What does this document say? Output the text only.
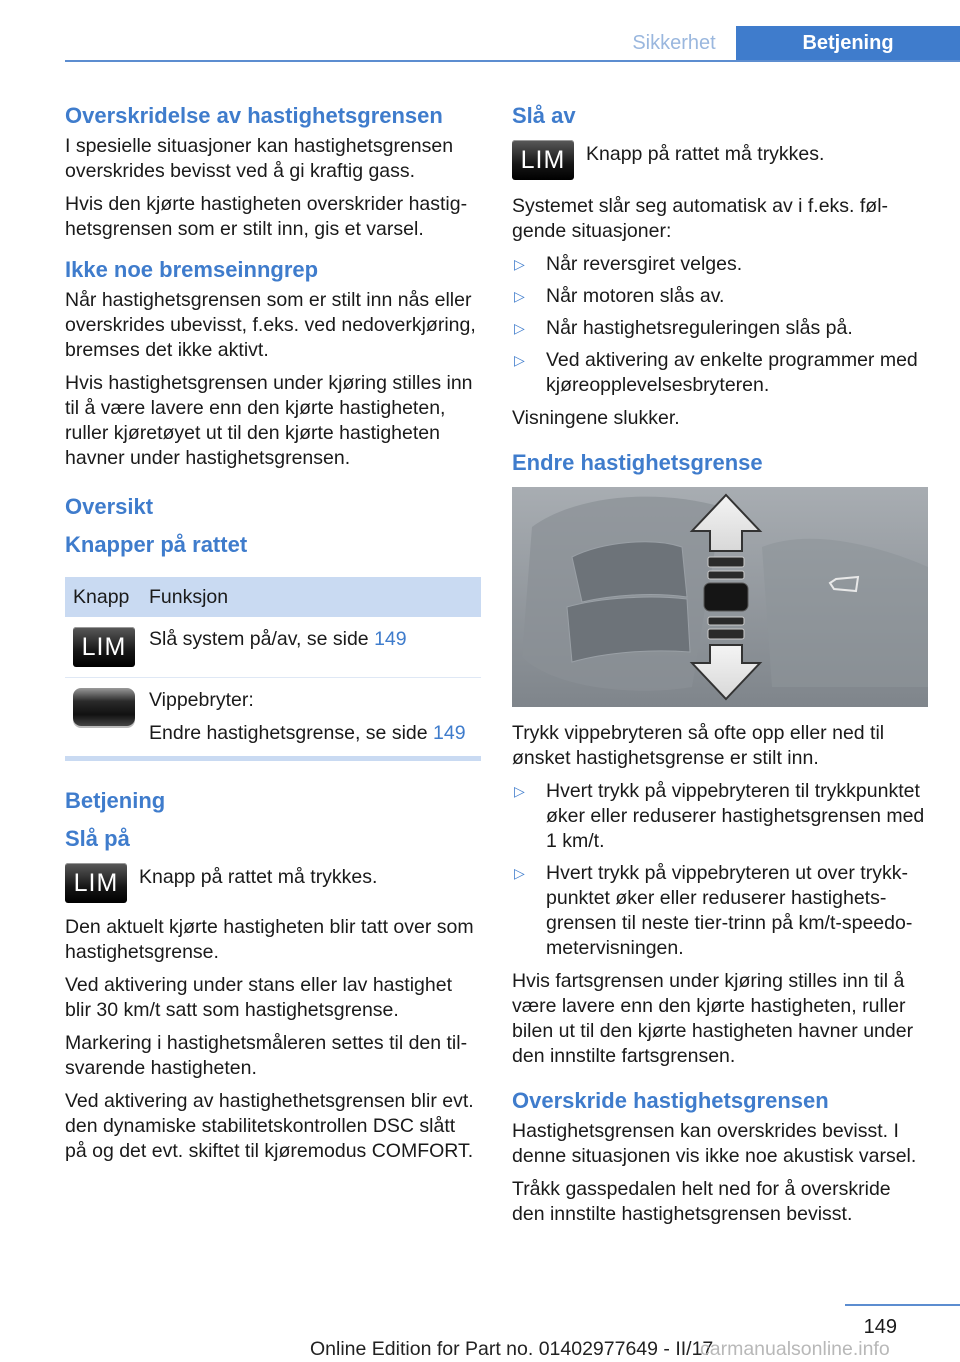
Sikkerhet	Betjening
Overskridelse av hastighetsgrensen

I spesielle situasjoner kan hastighetsgrensen overskrides bevisst ved å gi kraftig gass.

Hvis den kjørte hastigheten overskrider hastighetsgrensen som er stilt inn, gis et varsel.

Ikke noe bremseinngrep

Når hastighetsgrensen som er stilt inn nås eller overskrides ubevisst, f.eks. ved nedoverkjøring, bremses det ikke aktivt.

Hvis hastighetsgrensen under kjøring stilles inn til å være lavere enn den kjørte hastigheten, ruller kjøretøyet ut til den kjørte hastigheten havner under hastighetsgrensen.

Oversikt
Knapper på rattet
Knapp	Funksjon
LIM	Slå system på/av, se side 149

	Vippebryter:
Endre hastighetsgrense, se side 149
Betjening
Slå på
LIM	Knapp på rattet må trykkes.

Den aktuelt kjørte hastigheten blir tatt over som hastighetsgrense.

Ved aktivering under stans eller lav hastighet blir 30 km/t satt som hastighetsgrense.

Markering i hastighetsmåleren settes til den tilsvarende hastigheten.

Ved aktivering av hastighethetsgrensen blir evt. den dynamiske stabilitetskontrollen DSC slått på og det evt. skiftet til kjøremodus COMFORT.

Slå av
LIM	Knapp på rattet må trykkes.

Systemet slår seg automatisk av i f.eks. følgende situasjoner:

▷ Når reversgiret velges.
▷ Når motoren slås av.
▷ Når hastighetsreguleringen slås på.
▷ Ved aktivering av enkelte programmer med kjøreopplevelsesbryteren.

Visningene slukker.

Endre hastighetsgrense

Trykk vippebryteren så ofte opp eller ned til ønsket hastighetsgrense er stilt inn.

▷ Hvert trykk på vippebryteren til trykkpunktet øker eller reduserer hastighetsgrensen med 1 km/t.
▷ Hvert trykk på vippebryteren ut over trykkpunktet øker eller reduserer hastighetsgrensen til neste tier-trinn på km/t-speedometervisningen.

Hvis fartsgrensen under kjøring stilles inn til å være lavere enn den kjørte hastigheten, ruller bilen ut til den kjørte hastigheten havner under den innstilte fartsgrensen.

Overskride hastighetsgrensen

Hastighetsgrensen kan overskrides bevisst. I denne situasjonen vis ikke noe akustisk varsel.

Tråkk gasspedalen helt ned for å overskride den innstilte hastighetsgrensen bevisst.

149
Online Edition for Part no. 01402977649 - II/17
carmanualsonline.info
